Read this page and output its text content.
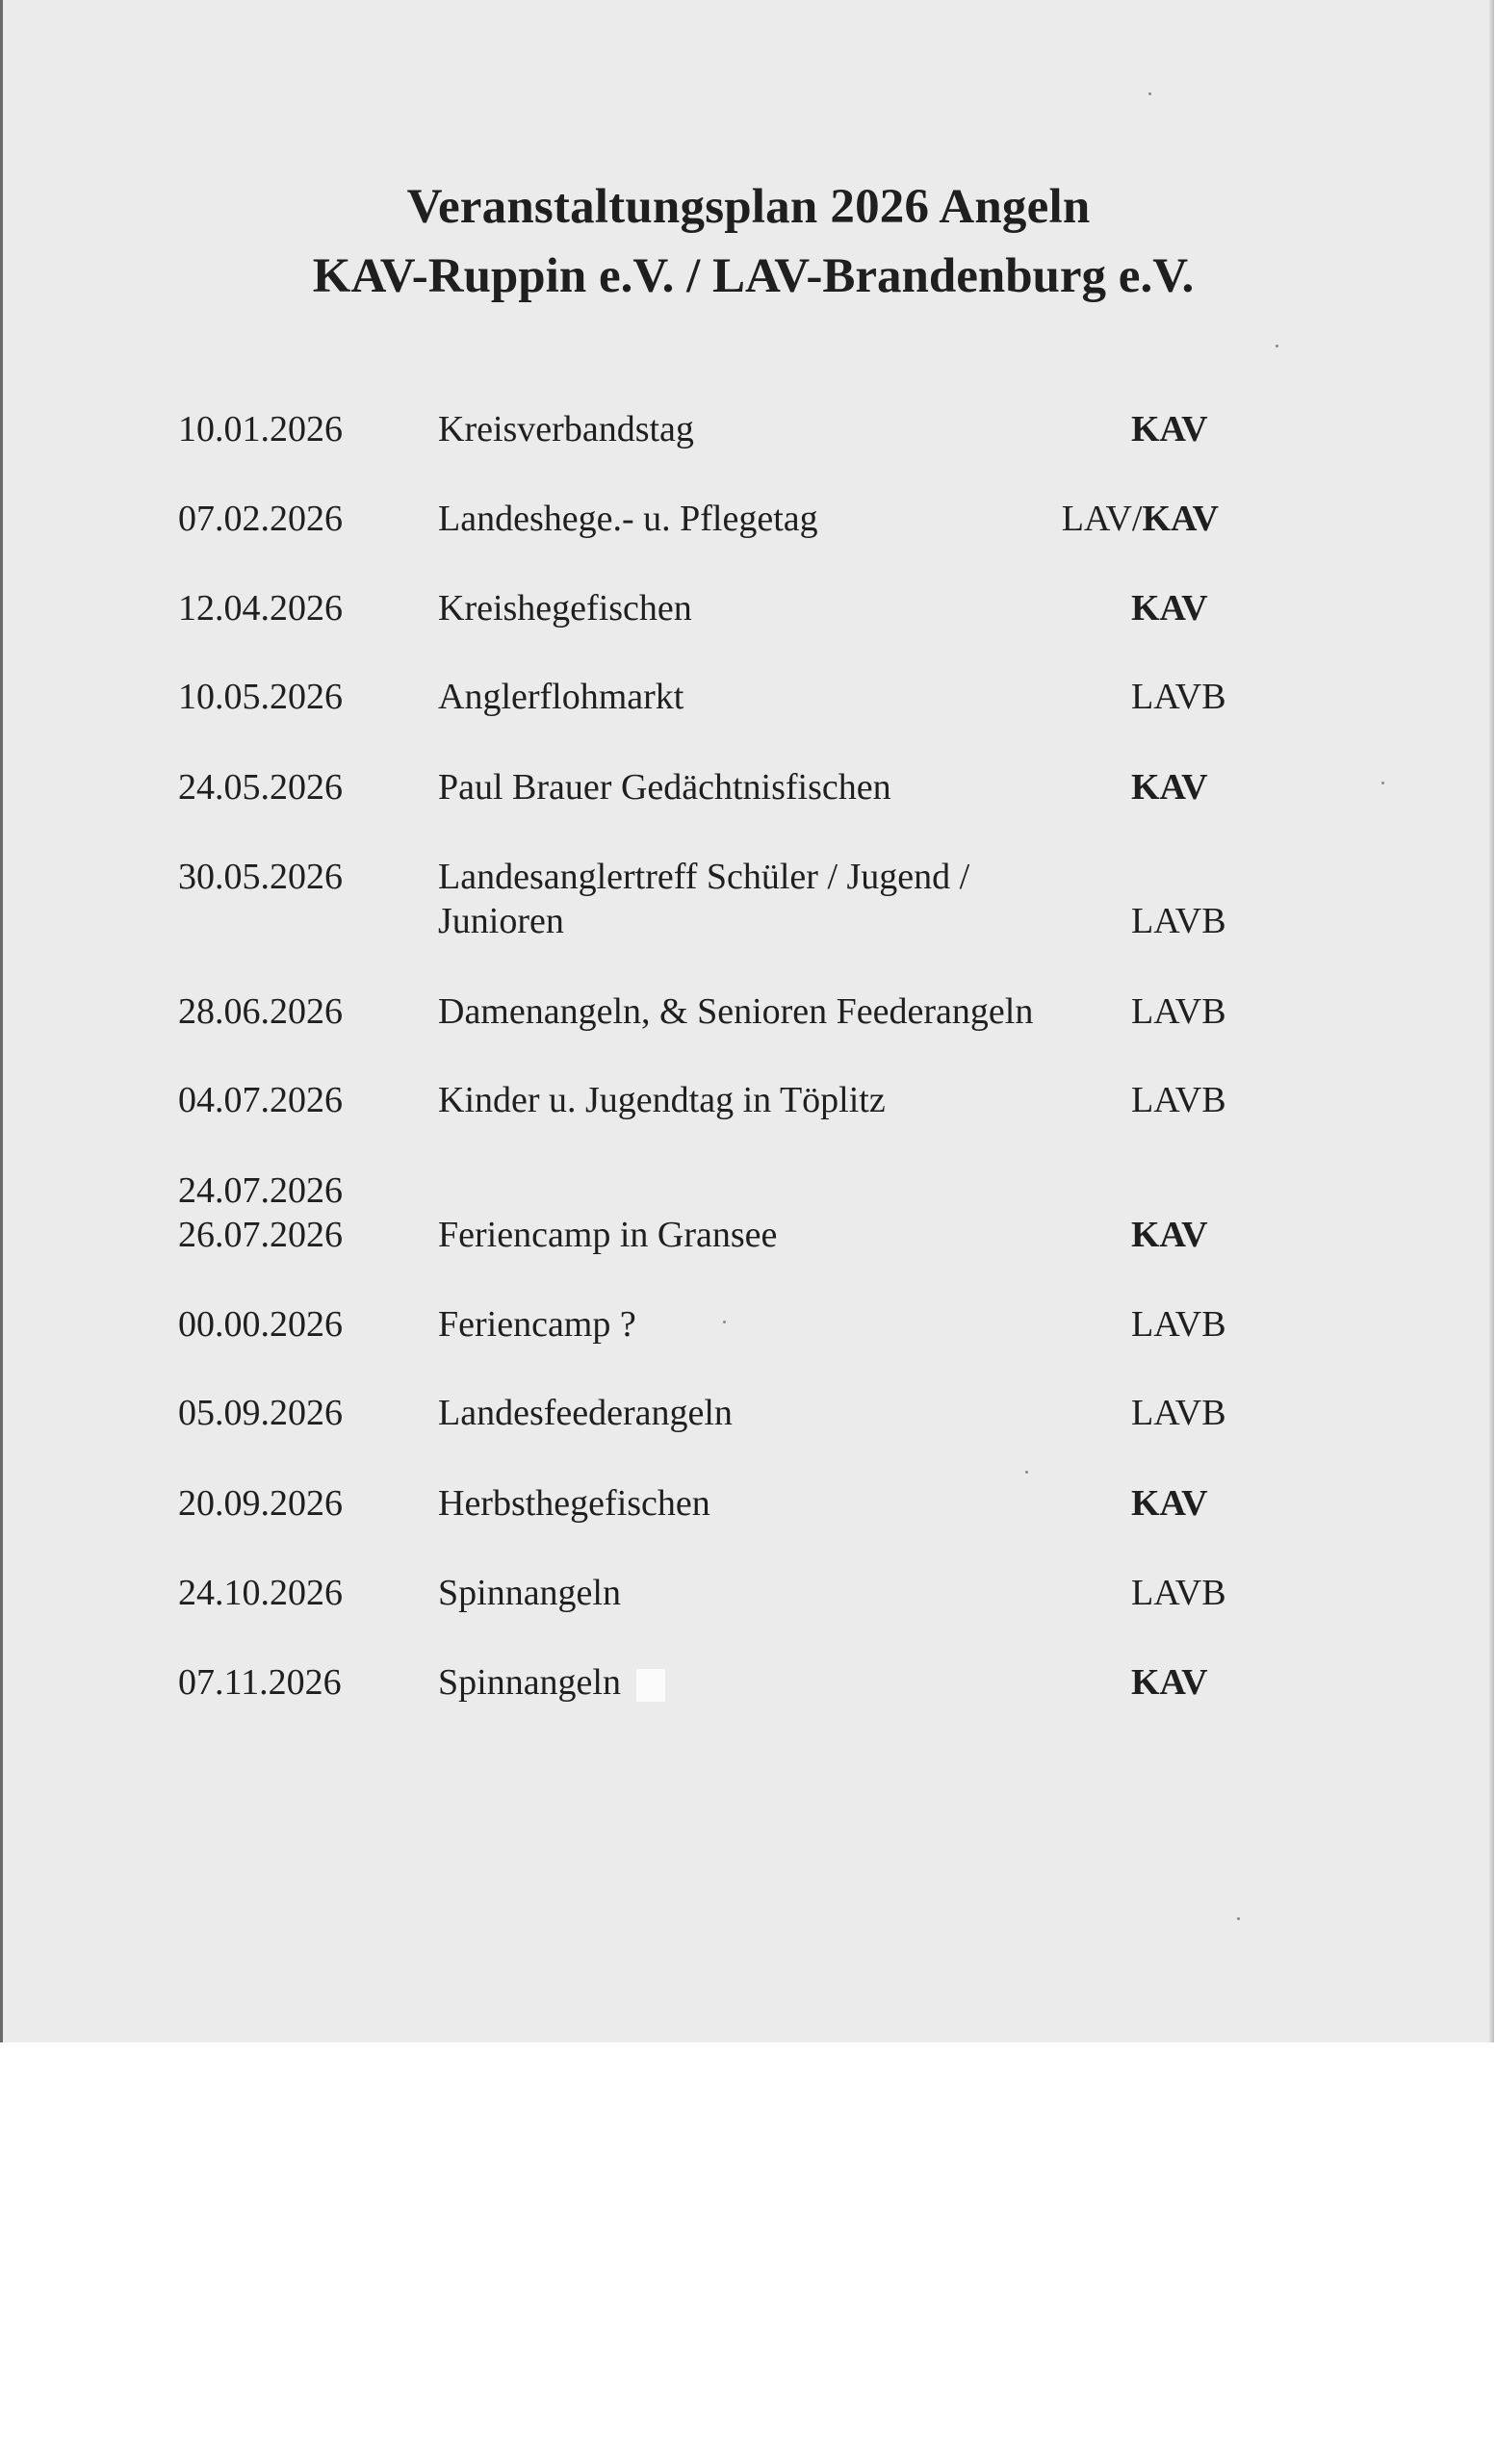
Veranstaltungsplan 2026 Angeln
KAV-Ruppin e.V. / LAV-Brandenburg e.V.
10.01.2026	Kreisverbandstag	KAV
07.02.2026	Landeshege.- u. Pflegetag	LAV/KAV
12.04.2026	Kreishegefischen	KAV
10.05.2026	Anglerflohmarkt	LAVB
24.05.2026	Paul Brauer Gedächtnisfischen	KAV
30.05.2026	Landesanglertreff Schüler / Jugend / Junioren	LAVB
28.06.2026	Damenangeln, & Senioren Feederangeln	LAVB
04.07.2026	Kinder u. Jugendtag in Töplitz	LAVB
24.07.2026
26.07.2026	Feriencamp in Gransee	KAV
00.00.2026	Feriencamp ?	LAVB
05.09.2026	Landesfeederangeln	LAVB
20.09.2026	Herbsthegefischen	KAV
24.10.2026	Spinnangeln	LAVB
07.11.2026	Spinnangeln	KAV
